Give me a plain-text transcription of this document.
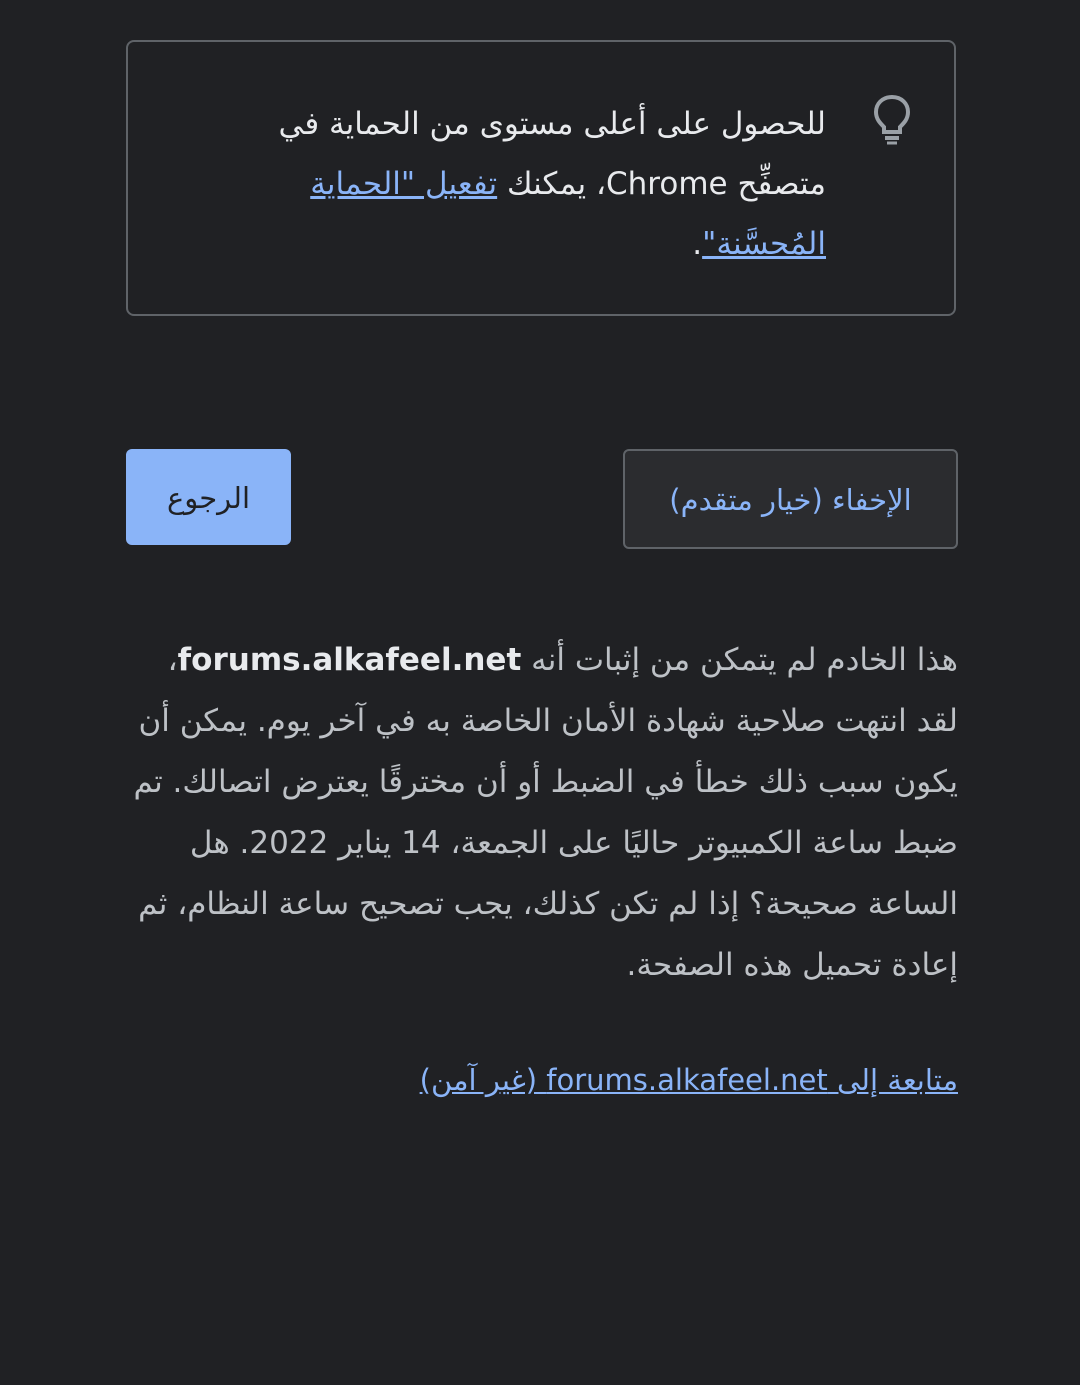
للحصول على أعلى مستوى من الحماية في متصفِّح Chrome، يمكنك تفعيل "الحماية المُحسَّنة".
الإخفاء (خيار متقدم)
الرجوع

هذا الخادم لم يتمكن من إثبات أنه forums.alkafeel.net، لقد انتهت صلاحية شهادة الأمان الخاصة به في آخر يوم. يمكن أن يكون سبب ذلك خطأ في الضبط أو أن مخترقًا يعترض اتصالك. تم ضبط ساعة الكمبيوتر حاليًا على الجمعة، 14 يناير 2022. هل الساعة صحيحة؟ إذا لم تكن كذلك، يجب تصحيح ساعة النظام، ثم إعادة تحميل هذه الصفحة.

متابعة إلى forums.alkafeel.net (غير آمن)
